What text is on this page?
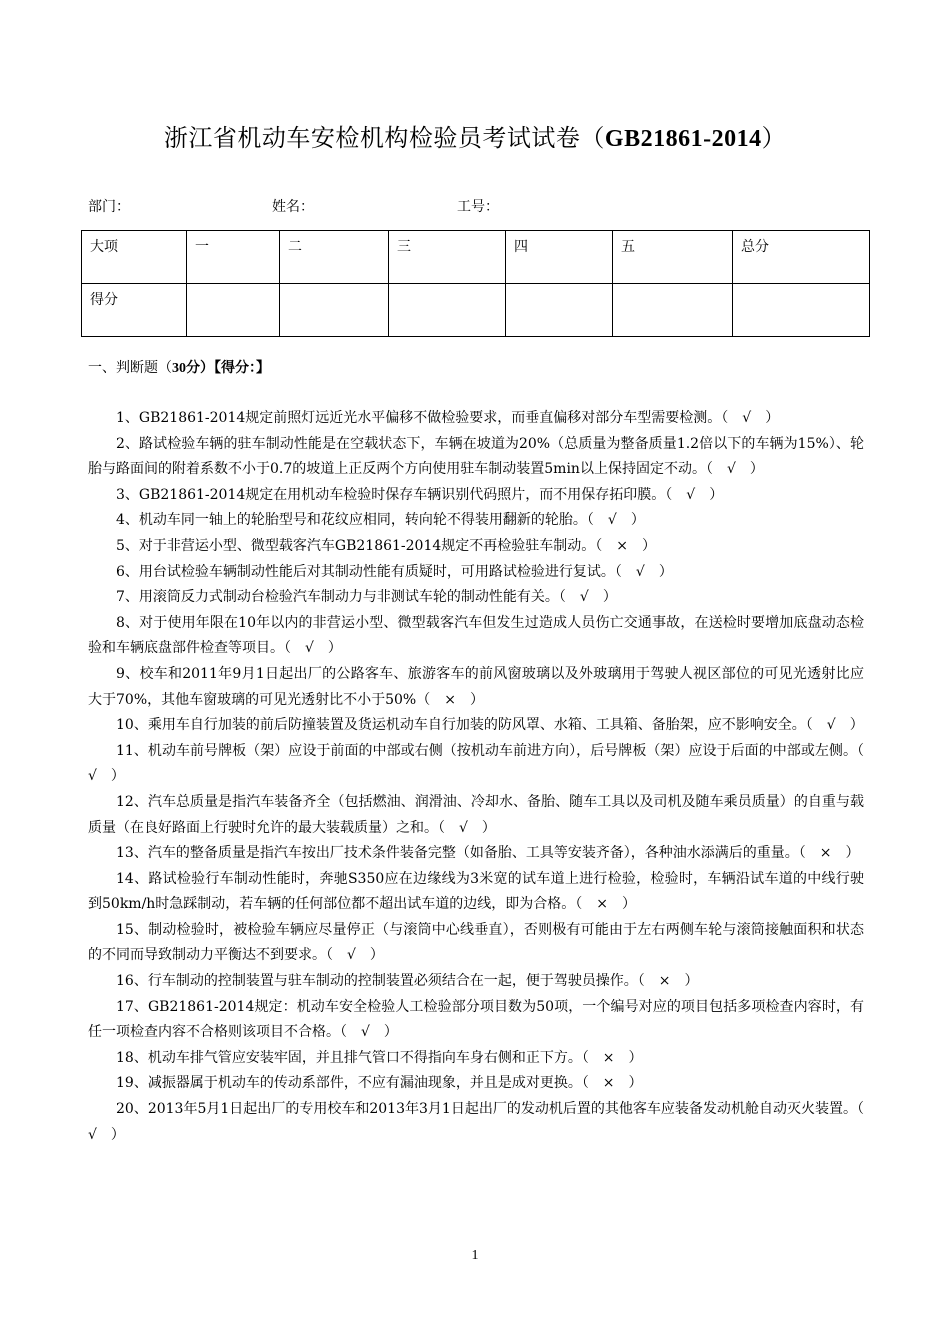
浙江省机动车安检机构检验员考试试卷（GB21861-2014）
部门：	姓名：	工号：
大项	一	二	三	四	五	总分
得分						
一、判断题（30分）【得分：】

1、GB21861-2014规定前照灯远近光水平偏移不做检验要求，而垂直偏移对部分车型需要检测。（　√　）

2、路试检验车辆的驻车制动性能是在空载状态下，车辆在坡道为20%（总质量为整备质量1.2倍以下的车辆为15%）、轮胎与路面间的附着系数不小于0.7的坡道上正反两个方向使用驻车制动装置5min以上保持固定不动。（　√　）

3、GB21861-2014规定在用机动车检验时保存车辆识别代码照片，而不用保存拓印膜。（　√　）

4、机动车同一轴上的轮胎型号和花纹应相同，转向轮不得装用翻新的轮胎。（　√　）

5、对于非营运小型、微型载客汽车GB21861-2014规定不再检验驻车制动。（　×　）

6、用台试检验车辆制动性能后对其制动性能有质疑时，可用路试检验进行复试。（　√　）

7、用滚筒反力式制动台检验汽车制动力与非测试车轮的制动性能有关。（　√　）

8、对于使用年限在10年以内的非营运小型、微型载客汽车但发生过造成人员伤亡交通事故，在送检时要增加底盘动态检验和车辆底盘部件检查等项目。（　√　）

9、校车和2011年9月1日起出厂的公路客车、旅游客车的前风窗玻璃以及外玻璃用于驾驶人视区部位的可见光透射比应大于70%，其他车窗玻璃的可见光透射比不小于50%（　×　）

10、乘用车自行加装的前后防撞装置及货运机动车自行加装的防风罩、水箱、工具箱、备胎架，应不影响安全。（　√　）

11、机动车前号牌板（架）应设于前面的中部或右侧（按机动车前进方向），后号牌板（架）应设于后面的中部或左侧。（　√　）

12、汽车总质量是指汽车装备齐全（包括燃油、润滑油、冷却水、备胎、随车工具以及司机及随车乘员质量）的自重与载质量（在良好路面上行驶时允许的最大装载质量）之和。（　√　）

13、汽车的整备质量是指汽车按出厂技术条件装备完整（如备胎、工具等安装齐备），各种油水添满后的重量。（　×　）

14、路试检验行车制动性能时，奔驰S350应在边缘线为3米宽的试车道上进行检验，检验时，车辆沿试车道的中线行驶到50km/h时急踩制动，若车辆的任何部位都不超出试车道的边线，即为合格。（　×　）

15、制动检验时，被检验车辆应尽量停正（与滚筒中心线垂直），否则极有可能由于左右两侧车轮与滚筒接触面积和状态的不同而导致制动力平衡达不到要求。（　√　）

16、行车制动的控制装置与驻车制动的控制装置必须结合在一起，便于驾驶员操作。（　×　）

17、GB21861-2014规定：机动车安全检验人工检验部分项目数为50项，一个编号对应的项目包括多项检查内容时，有任一项检查内容不合格则该项目不合格。（　√　）

18、机动车排气管应安装牢固，并且排气管口不得指向车身右侧和正下方。（　×　）

19、减振器属于机动车的传动系部件，不应有漏油现象，并且是成对更换。（　×　）

20、2013年5月1日起出厂的专用校车和2013年3月1日起出厂的发动机后置的其他客车应装备发动机舱自动灭火装置。（　√　）

1
